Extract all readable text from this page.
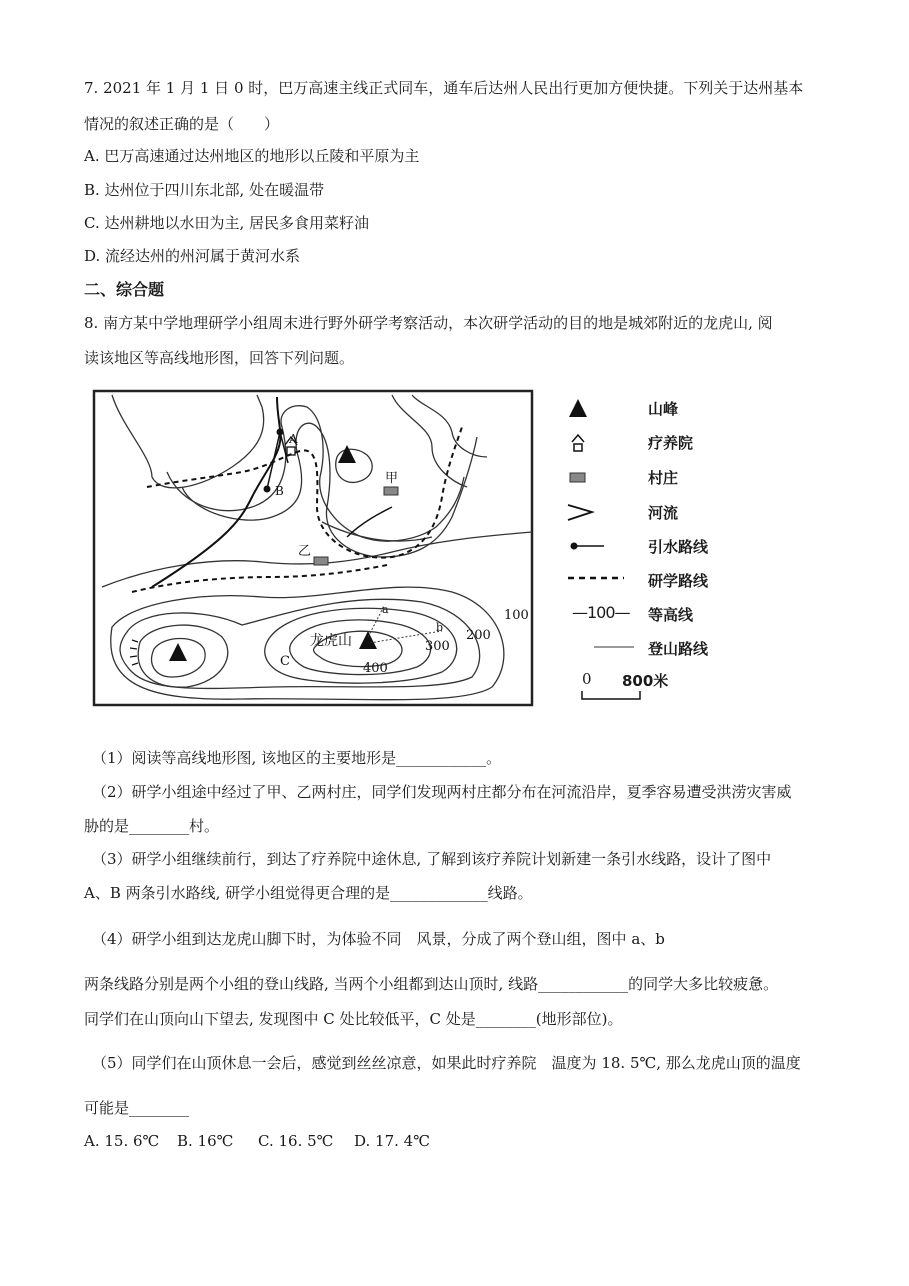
7. 2021 年 1 月 1 日 0 时，巴万高速主线正式同车，通车后达州人民出行更加方便快捷。下列关于达州基本
情况的叙述正确的是（　　）
A. 巴万高速通过达州地区的地形以丘陵和平原为主
B. 达州位于四川东北部, 处在暖温带
C. 达州耕地以水田为主, 居民多食用菜籽油
D. 流经达州的州河属于黄河水系
二、综合题
8. 南方某中学地理研学小组周末进行野外研学考察活动，本次研学活动的目的地是城郊附近的龙虎山, 阅
读该地区等高线地形图，回答下列问题。
A
B
甲
乙
龙虎山
C
a
b
100
200
300
400
山峰
疗养院
村庄
河流
引水路线
研学路线
—100— 等高线
登山路线
0 800米
（1）阅读等高线地形图, 该地区的主要地形是____________。
（2）研学小组途中经过了甲、乙两村庄，同学们发现两村庄都分布在河流沿岸，夏季容易遭受洪涝灾害威
胁的是________村。
（3）研学小组继续前行，到达了疗养院中途休息, 了解到该疗养院计划新建一条引水线路，设计了图中
A、B 两条引水路线, 研学小组觉得更合理的是_____________线路。
（4）研学小组到达龙虎山脚下时，为体验不同　风景，分成了两个登山组，图中 a、b
两条线路分别是两个小组的登山线路, 当两个小组都到达山顶时, 线路____________的同学大多比较疲惫。
同学们在山顶向山下望去, 发现图中 C 处比较低平，C 处是________(地形部位)。
（5）同学们在山顶休息一会后，感觉到丝丝凉意，如果此时疗养院　温度为 18. 5℃, 那么龙虎山顶的温度
可能是________
A. 15. 6℃ B. 16℃ C. 16. 5℃ D. 17. 4℃
